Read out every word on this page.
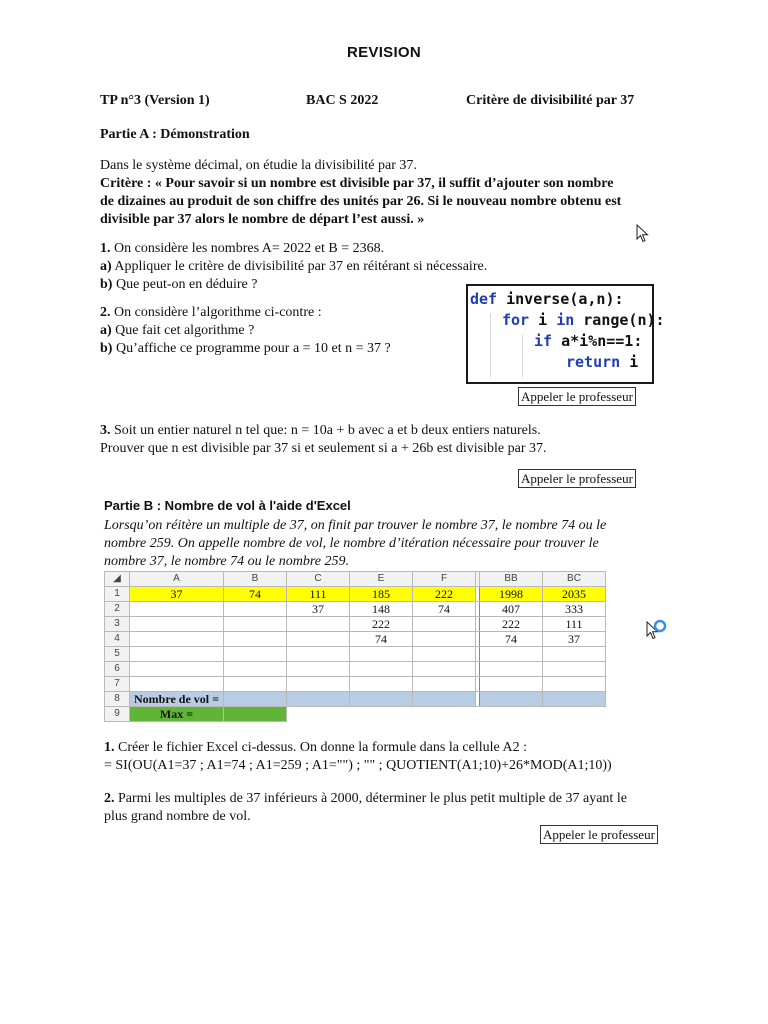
REVISION
TP n°3 (Version 1)	BAC S 2022	Critère de divisibilité par 37
Partie A : Démonstration
Dans le système décimal, on étudie la divisibilité par 37.
Critère : « Pour savoir si un nombre est divisible par 37, il suffit d’ajouter son nombre
de dizaines au produit de son chiffre des unités par 26. Si le nouveau nombre obtenu est
divisible par 37 alors le nombre de départ l’est aussi. »
1. On considère les nombres A= 2022 et B = 2368.
a) Appliquer le critère de divisibilité par 37 en réitérant si nécessaire.
b) Que peut-on en déduire ?
2. On considère l’algorithme ci-contre :
a) Que fait cet algorithme ?
b) Qu’affiche ce programme pour a = 10 et n = 37 ?
def inverse(a,n):
for i in range(n):
if a*i%n==1:
return i
Appeler le professeur
3. Soit un entier naturel n tel que: n = 10a + b avec a et b deux entiers naturels.
Prouver que n est divisible par 37 si et seulement si a + 26b est divisible par 37.
Appeler le professeur
Partie B : Nombre de vol à l'aide d'Excel
Lorsqu’on réitère un multiple de 37, on finit par trouver le nombre 37, le nombre 74 ou le
nombre 259. On appelle nombre de vol, le nombre d’itération nécessaire pour trouver le
nombre 37, le nombre 74 ou le nombre 259.
◢	A	B	C	E	F		BB	BC
1	37	74	111	185	222		1998	2035
2			37	148	74		407	333
3				222			222	111
4				74			74	37
5								
6								
7								
8	Nombre de vol =							
9	Max =							
1. Créer le fichier Excel ci-dessus. On donne la formule dans la cellule A2 :
= SI(OU(A1=37 ; A1=74 ; A1=259 ; A1="") ; "" ; QUOTIENT(A1;10)+26*MOD(A1;10))
2. Parmi les multiples de 37 inférieurs à 2000, déterminer le plus petit multiple de 37 ayant le
plus grand nombre de vol.
Appeler le professeur
